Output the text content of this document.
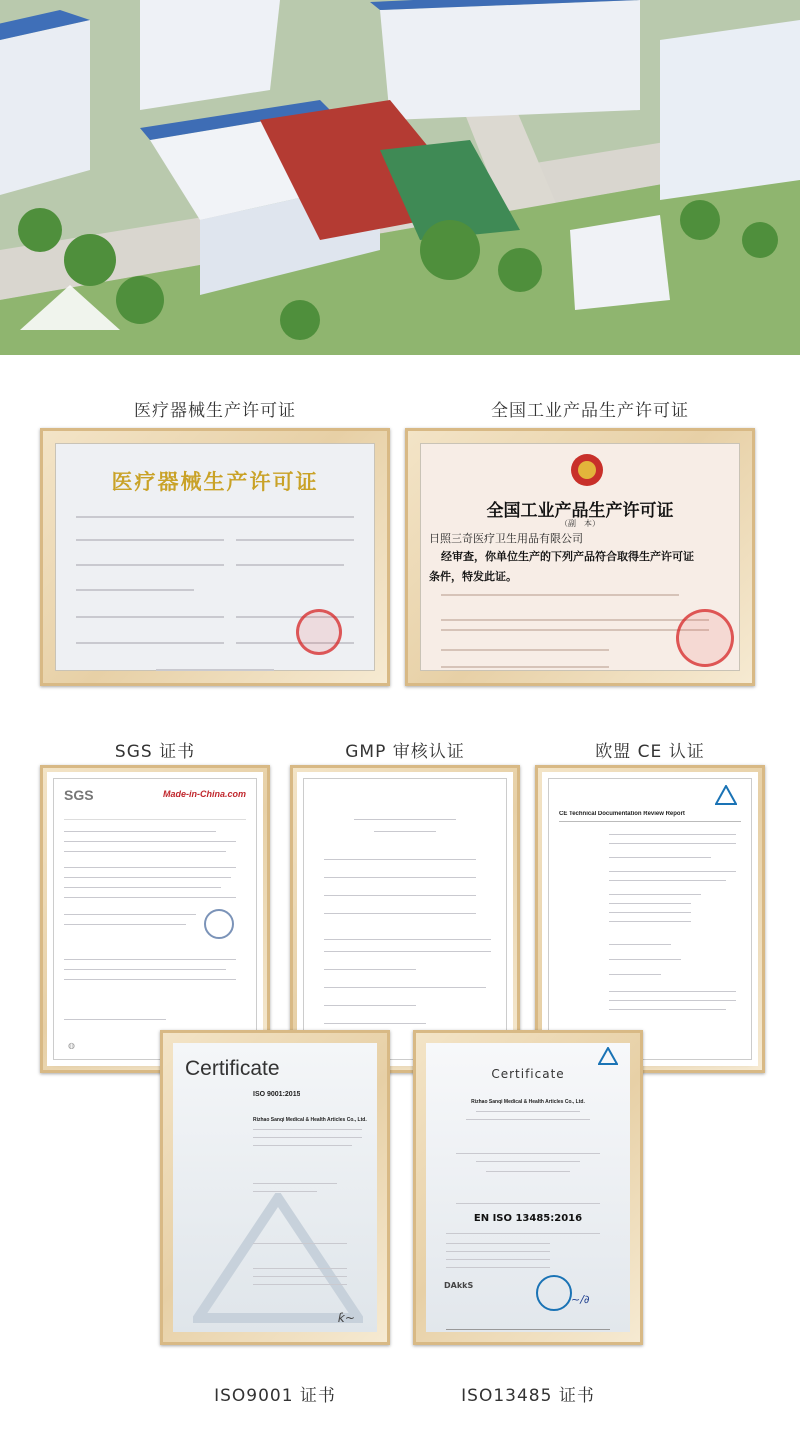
医疗器械生产许可证	全国工业产品生产许可证
医疗器械生产许可证
全国工业产品生产许可证
（副　本）
日照三奇医疗卫生用品有限公司
经审查，你单位生产的下列产品符合取得生产许可证
条件，特发此证。
SGS 证书	GMP 审核认证	欧盟 CE 认证
SGS	Made-in-China.com
◍
CE Technical Documentation Review Report
Certificate
ISO 9001:2015
Rizhao Sanqi Medical & Health Articles Co., Ltd.
ƙ~
Certificate
Rizhao Sanqi Medical & Health Articles Co., Ltd.
EN ISO 13485:2016
DAkkS
~/∂
ISO9001 证书	ISO13485 证书
